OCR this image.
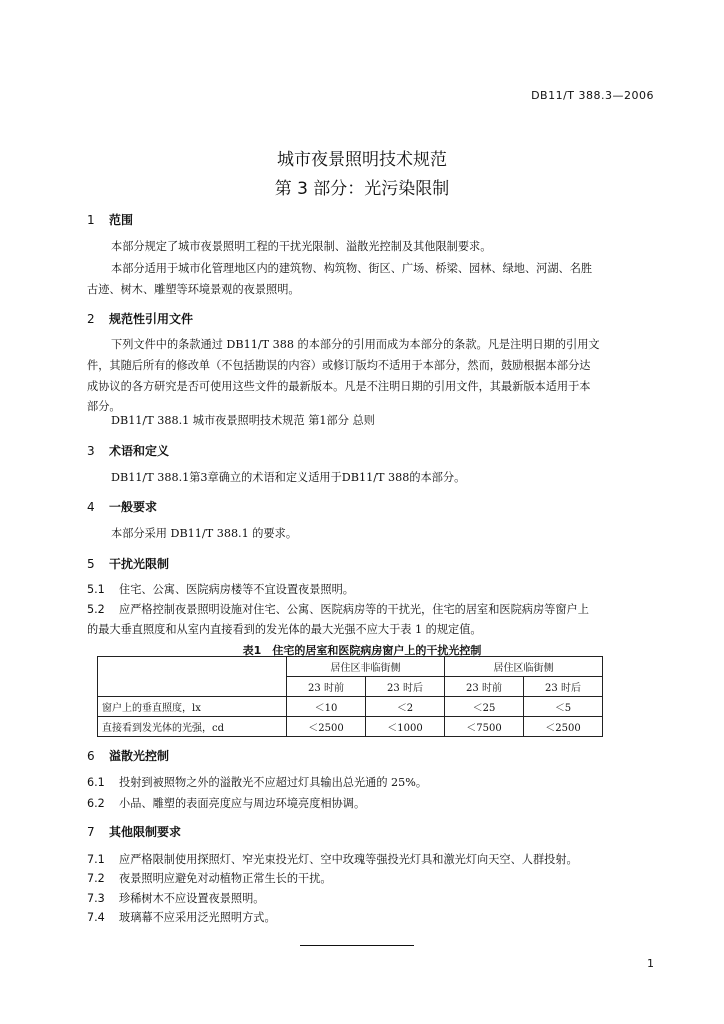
DB11/T 388.3—2006
城市夜景照明技术规范
第 3 部分：光污染限制
1 范围
本部分规定了城市夜景照明工程的干扰光限制、溢散光控制及其他限制要求。
本部分适用于城市化管理地区内的建筑物、构筑物、街区、广场、桥梁、园林、绿地、河湖、名胜
古迹、树木、雕塑等环境景观的夜景照明。
2 规范性引用文件
下列文件中的条款通过 DB11/T 388 的本部分的引用而成为本部分的条款。凡是注明日期的引用文
件，其随后所有的修改单（不包括勘误的内容）或修订版均不适用于本部分，然而，鼓励根据本部分达
成协议的各方研究是否可使用这些文件的最新版本。凡是不注明日期的引用文件，其最新版本适用于本
部分。
DB11/T 388.1 城市夜景照明技术规范 第1部分 总则
3 术语和定义
DB11/T 388.1第3章确立的术语和定义适用于DB11/T 388的本部分。
4 一般要求
本部分采用 DB11/T 388.1 的要求。
5 干扰光限制
5.1 住宅、公寓、医院病房楼等不宜设置夜景照明。
5.2 应严格控制夜景照明设施对住宅、公寓、医院病房等的干扰光，住宅的居室和医院病房等窗户上
的最大垂直照度和从室内直接看到的发光体的最大光强不应大于表 1 的规定值。
表1　住宅的居室和医院病房窗户上的干扰光控制
	居住区非临街侧		居住区临街侧	
	23 时前	23 时后	23 时前	23 时后
窗户上的垂直照度，lx	＜10	＜2	＜25	＜5
直接看到发光体的光强，cd	＜2500	＜1000	＜7500	＜2500
6 溢散光控制
6.1 投射到被照物之外的溢散光不应超过灯具输出总光通的 25%。
6.2 小品、雕塑的表面亮度应与周边环境亮度相协调。
7 其他限制要求
7.1 应严格限制使用探照灯、窄光束投光灯、空中玫瑰等强投光灯具和激光灯向天空、人群投射。
7.2 夜景照明应避免对动植物正常生长的干扰。
7.3 珍稀树木不应设置夜景照明。
7.4 玻璃幕不应采用泛光照明方式。
1
